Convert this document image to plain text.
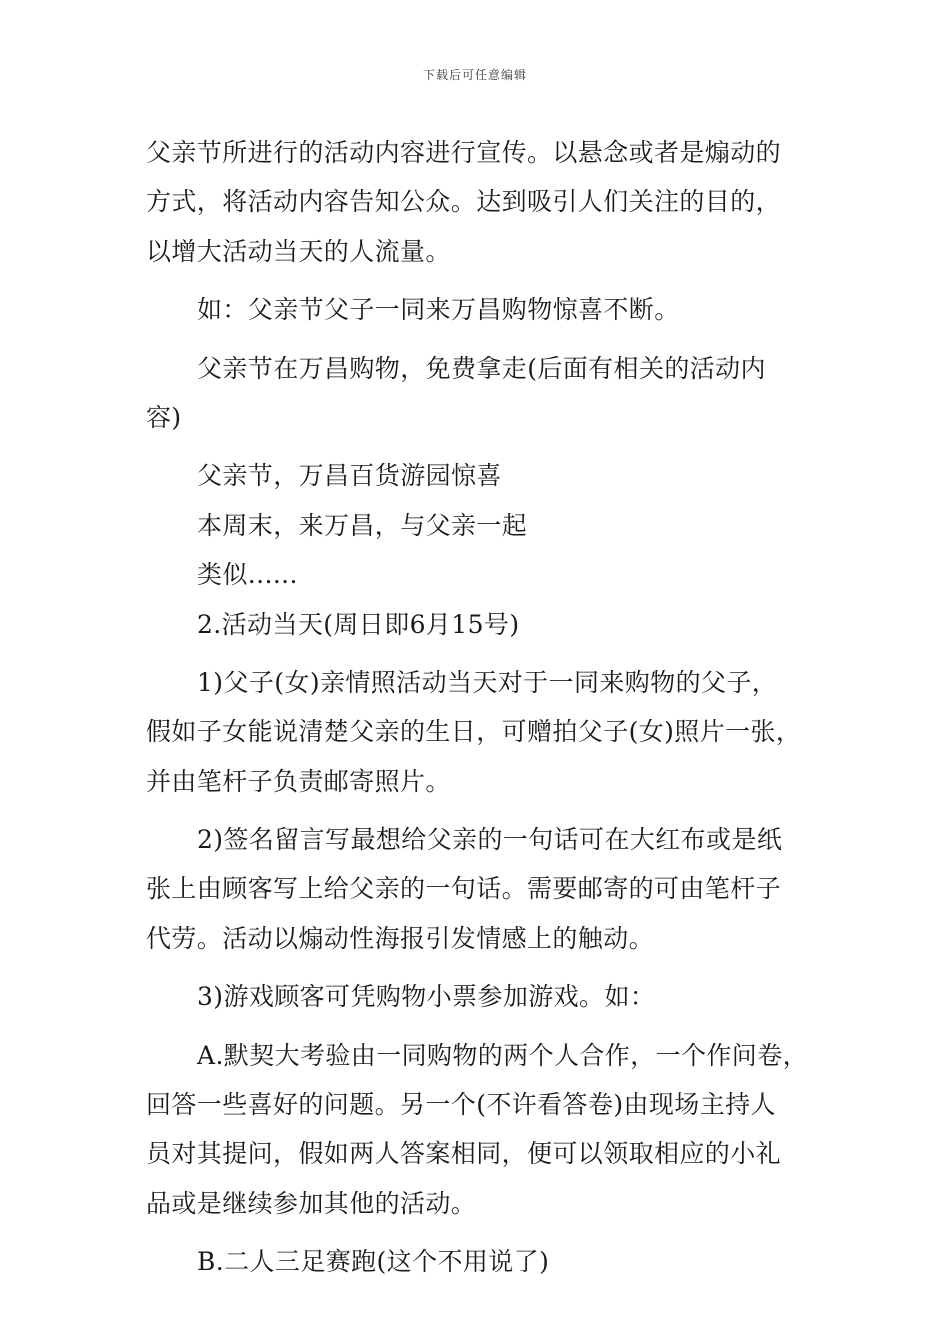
下载后可任意编辑
父亲节所进行的活动内容进行宣传。以悬念或者是煽动的
方式，将活动内容告知公众。达到吸引人们关注的目的，
以增大活动当天的人流量。
如：父亲节父子一同来万昌购物惊喜不断。
父亲节在万昌购物，免费拿走(后面有相关的活动内
容)
父亲节，万昌百货游园惊喜
本周末，来万昌，与父亲一起
类似......
2.活动当天(周日即6月15号)
1)父子(女)亲情照活动当天对于一同来购物的父子，
假如子女能说清楚父亲的生日，可赠拍父子(女)照片一张，
并由笔杆子负责邮寄照片。
2)签名留言写最想给父亲的一句话可在大红布或是纸
张上由顾客写上给父亲的一句话。需要邮寄的可由笔杆子
代劳。活动以煽动性海报引发情感上的触动。
3)游戏顾客可凭购物小票参加游戏。如：
A.默契大考验由一同购物的两个人合作，一个作问卷，
回答一些喜好的问题。另一个(不许看答卷)由现场主持人
员对其提问，假如两人答案相同，便可以领取相应的小礼
品或是继续参加其他的活动。
B.二人三足赛跑(这个不用说了)
